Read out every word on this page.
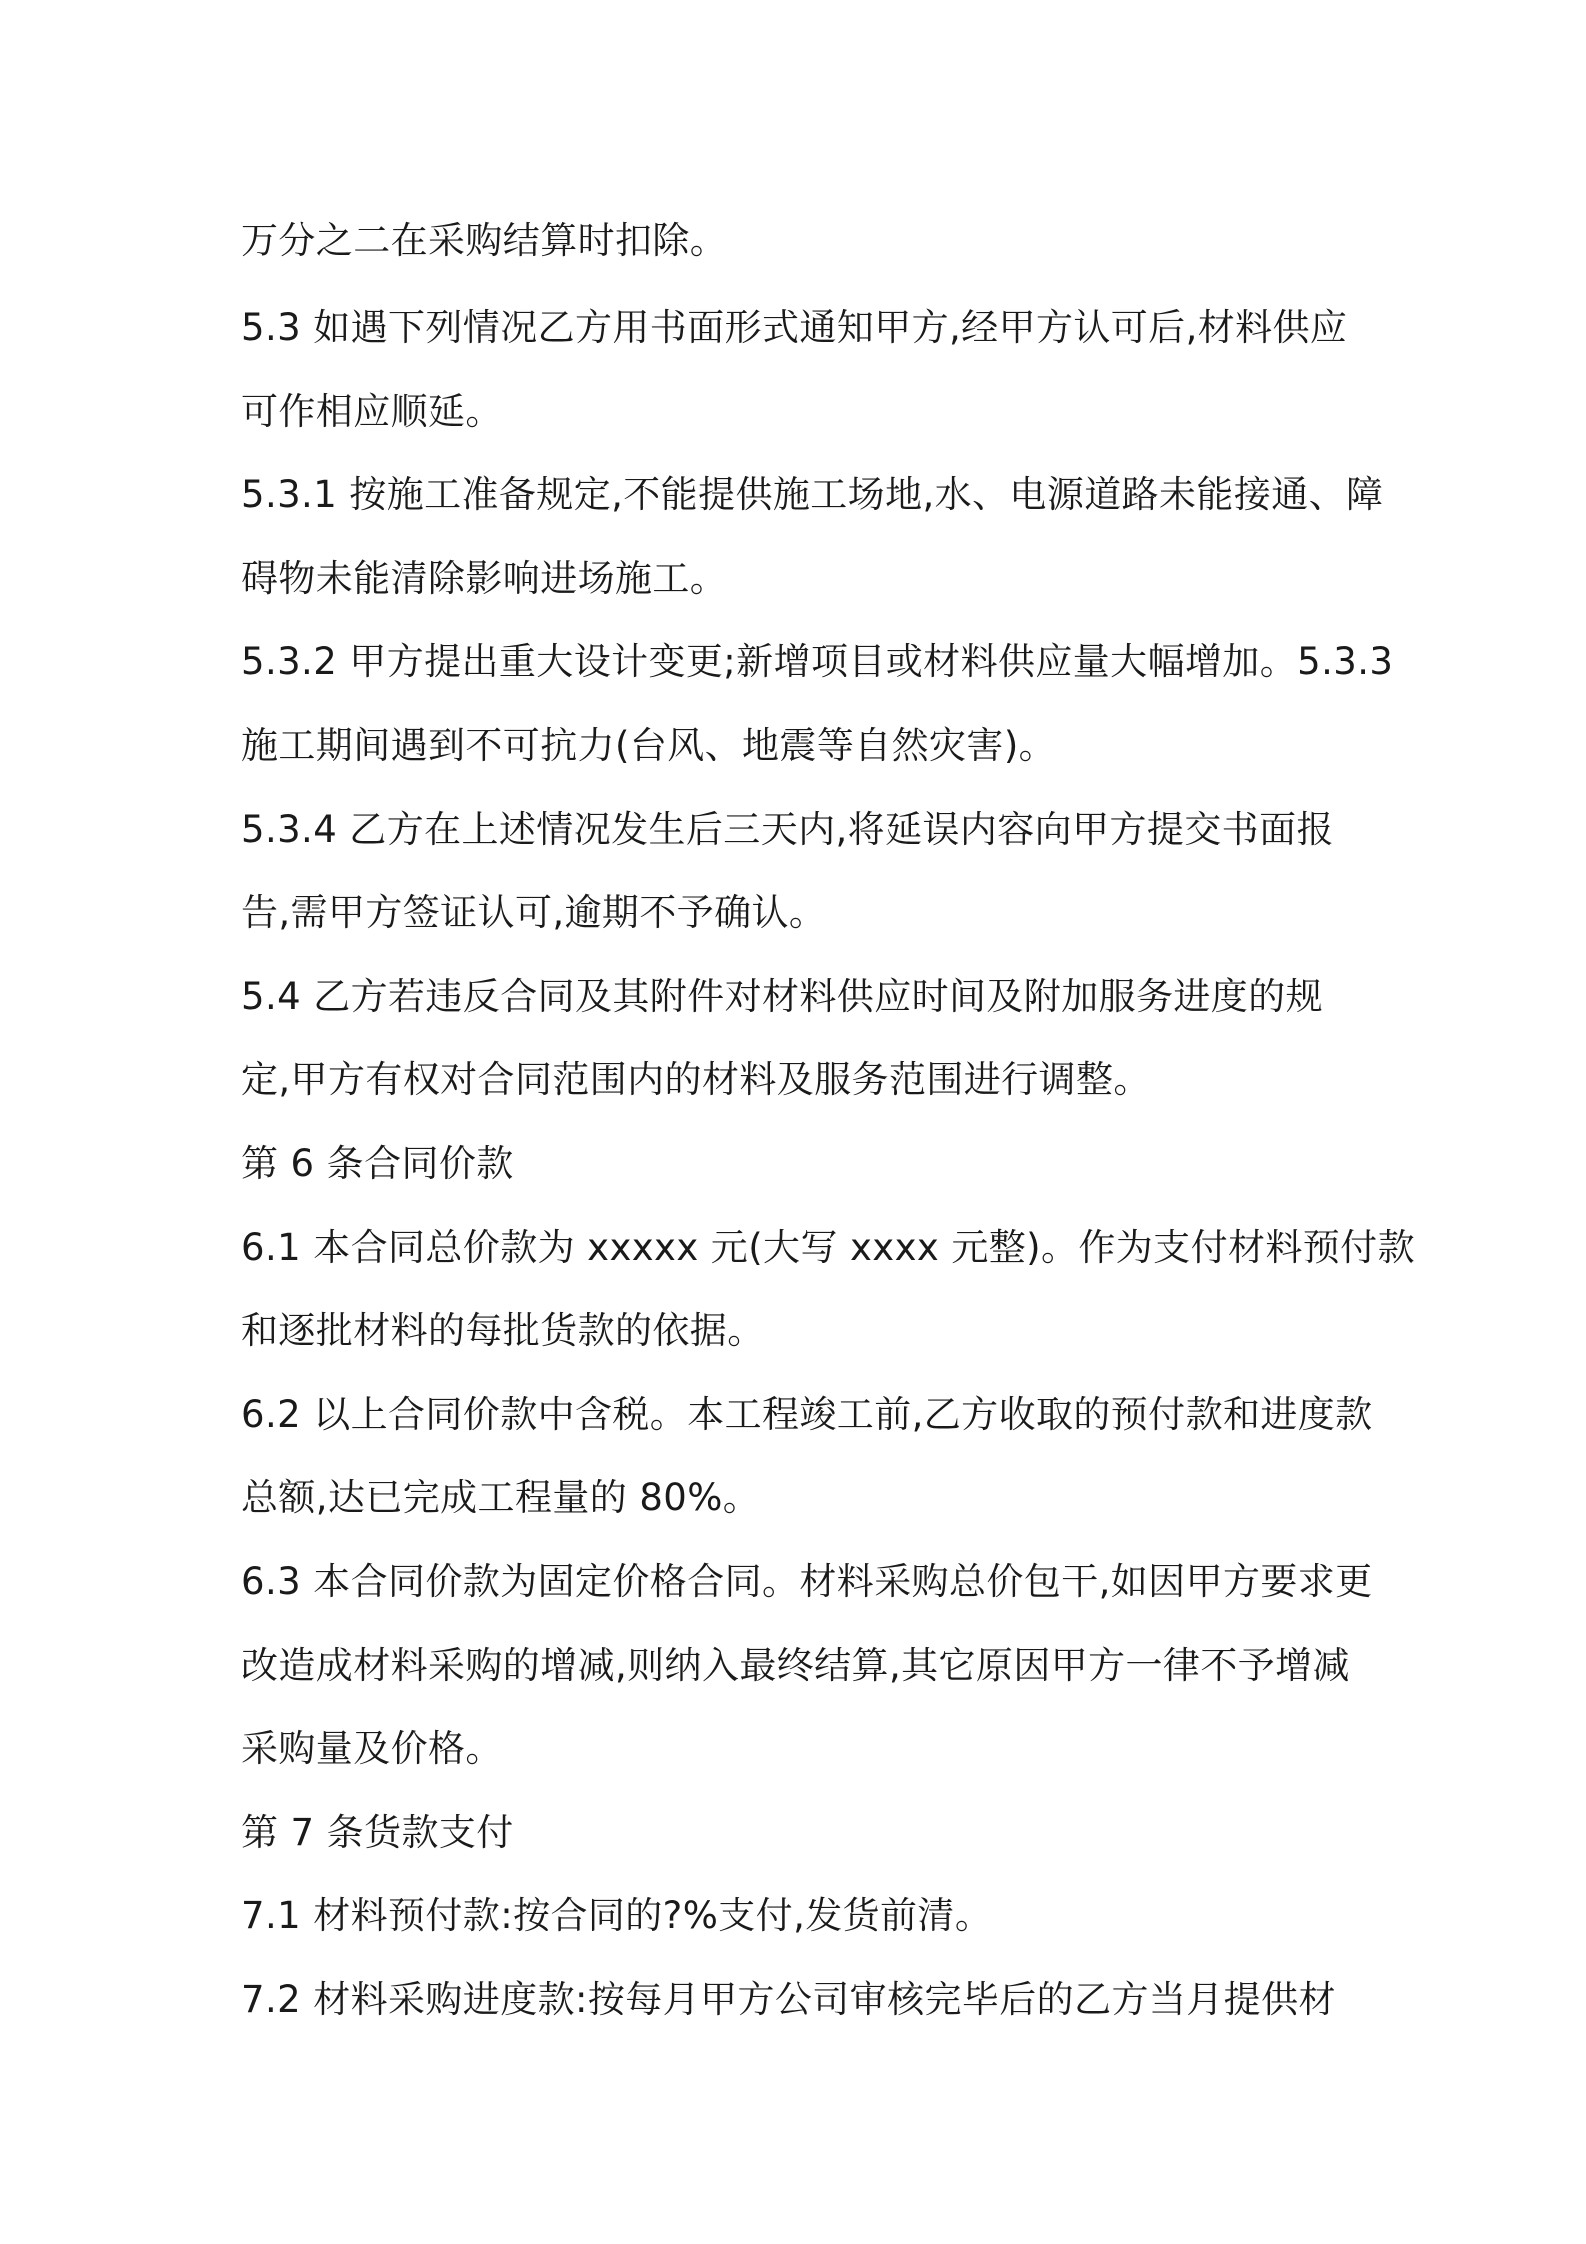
万分之二在采购结算时扣除。
5.3 如遇下列情况乙方用书面形式通知甲方,经甲方认可后,材料供应
可作相应顺延。
5.3.1 按施工准备规定,不能提供施工场地,水、电源道路未能接通、障
碍物未能清除影响进场施工。
5.3.2 甲方提出重大设计变更;新增项目或材料供应量大幅增加。5.3.3
施工期间遇到不可抗力(台风、地震等自然灾害)。
5.3.4 乙方在上述情况发生后三天内,将延误内容向甲方提交书面报
告,需甲方签证认可,逾期不予确认。
5.4 乙方若违反合同及其附件对材料供应时间及附加服务进度的规
定,甲方有权对合同范围内的材料及服务范围进行调整。
第 6 条合同价款
6.1 本合同总价款为 xxxxx 元(大写 xxxx 元整)。作为支付材料预付款
和逐批材料的每批货款的依据。
6.2 以上合同价款中含税。本工程竣工前,乙方收取的预付款和进度款
总额,达已完成工程量的 80%。
6.3 本合同价款为固定价格合同。材料采购总价包干,如因甲方要求更
改造成材料采购的增减,则纳入最终结算,其它原因甲方一律不予增减
采购量及价格。
第 7 条货款支付
7.1 材料预付款:按合同的?%支付,发货前清。
7.2 材料采购进度款:按每月甲方公司审核完毕后的乙方当月提供材
